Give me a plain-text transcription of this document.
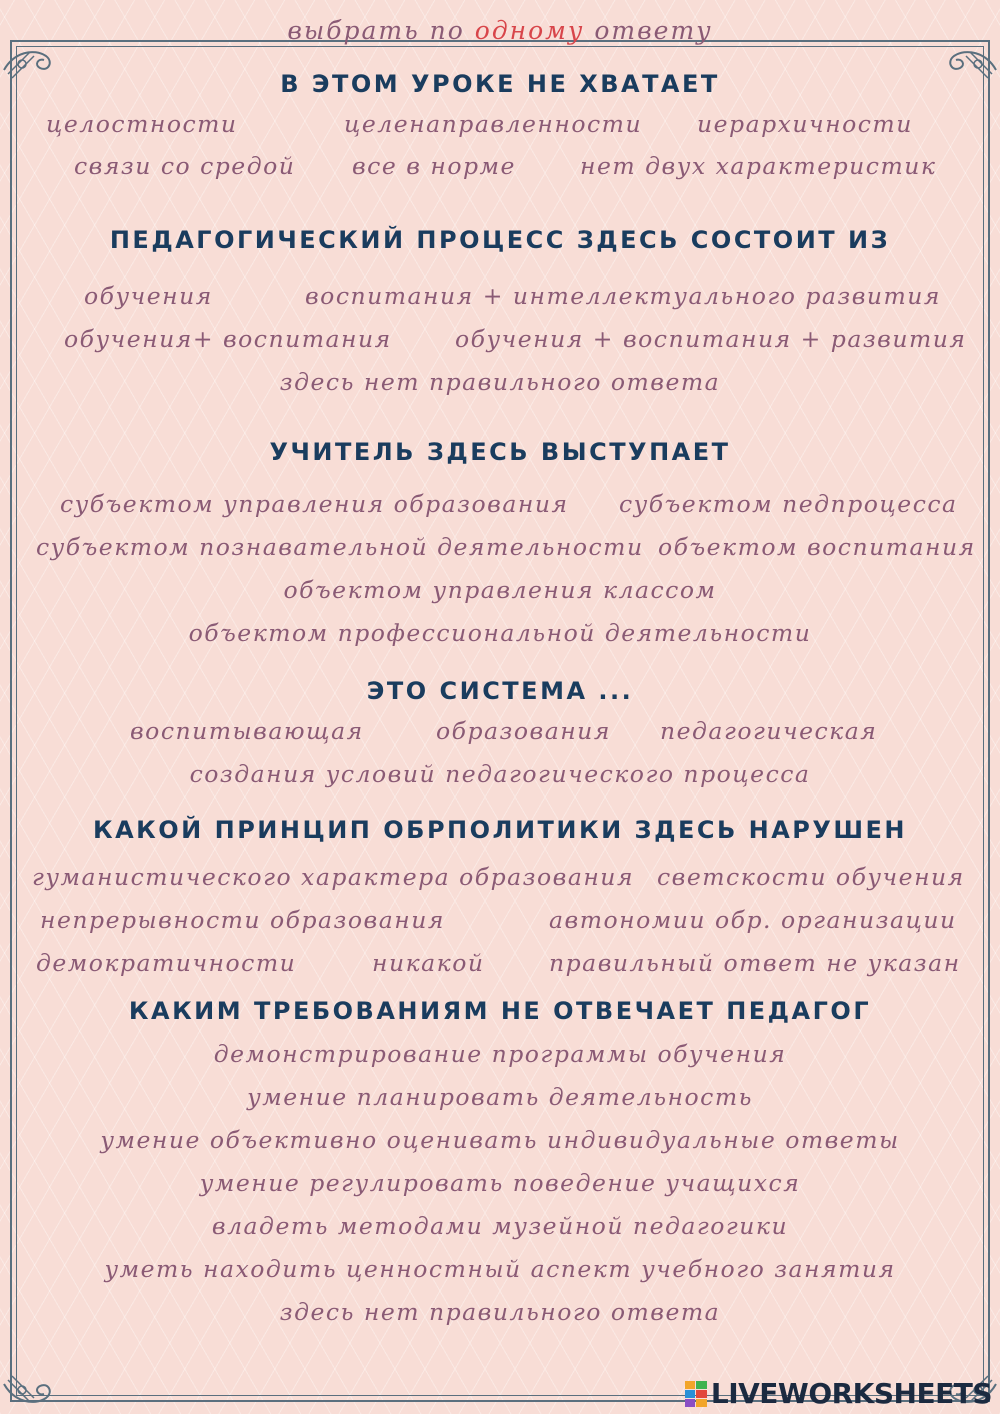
выбрать по одному ответу
В ЭТОМ УРОКЕ НЕ ХВАТАЕТ
целостности	целенаправленности иерархичности
связи со средой все в норме	нет двух характеристик
ПЕДАГОГИЧЕСКИЙ ПРОЦЕСС ЗДЕСЬ СОСТОИТ ИЗ
обучения	воспитания + интеллектуального развития
обучения+ воспитания	обучения + воспитания + развития
здесь нет правильного ответа
УЧИТЕЛЬ ЗДЕСЬ ВЫСТУПАЕТ
субъектом управления образования субъектом педпроцесса
субъектом познавательной деятельности объектом воспитания
объектом управления классом
объектом профессиональной деятельности
ЭТО СИСТЕМА ...
воспитывающая	образования педагогическая
создания условий педагогического процесса
КАКОЙ ПРИНЦИП ОБРПОЛИТИКИ ЗДЕСЬ НАРУШЕН
гуманистического характера образования светскости обучения
непрерывности образования	автономии обр. организации
демократичности	никакой	правильный ответ не указан
КАКИМ ТРЕБОВАНИЯМ НЕ ОТВЕЧАЕТ ПЕДАГОГ
демонстрирование программы обучения
умение планировать деятельность
умение объективно оценивать индивидуальные ответы
умение регулировать поведение учащихся
владеть методами музейной педагогики
уметь находить ценностный аспект учебного занятия
здесь нет правильного ответа
LIVEWORKSHEETS
